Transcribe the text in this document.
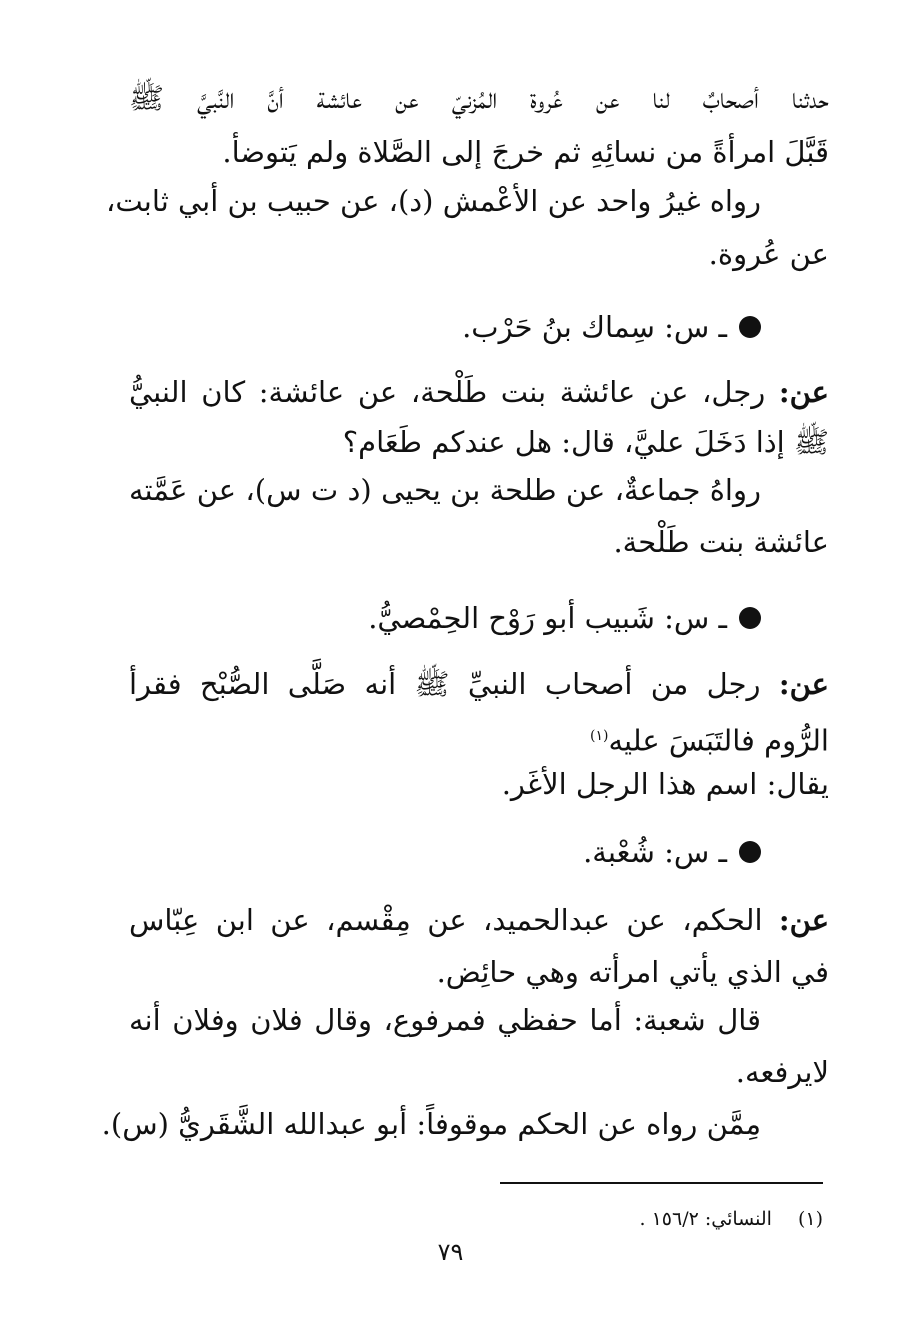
حدثنا أصحابٌ لنا عن عُروة المُزنيّ عن عائشة أنَّ النَّبيَّ ﷺ
قَبَّلَ امرأةً من نسائِهِ ثم خرجَ إلى الصَّلاة ولم يَتوضأ.
رواه غيرُ واحد عن الأعْمش (د)، عن حبيب بن أبي ثابت،
عن عُروة.
ـ س: سِماك بنُ حَرْب.
عن: رجل، عن عائشة بنت طَلْحة، عن عائشة: كان النبيُّ
ﷺ إذا دَخَلَ عليَّ، قال: هل عندكم طَعَام؟
رواهُ جماعةٌ، عن طلحة بن يحيى (د ت س)، عن عَمَّته
عائشة بنت طَلْحة.
ـ س: شَبيب أبو رَوْح الحِمْصيُّ.
عن: رجل من أصحاب النبيِّ ﷺ أنه صَلَّى الصُّبْح فقرأ
الرُّوم فالتَبَسَ عليه$^{(١)}$
يقال: اسم هذا الرجل الأغَر.
ـ س: شُعْبة.
عن: الحكم، عن عبدالحميد، عن مِقْسم، عن ابن عِبّاس
في الذي يأتي امرأته وهي حائِض.
قال شعبة: أما حفظي فمرفوع، وقال فلان وفلان أنه
لايرفعه.
مِمَّن رواه عن الحكم موقوفاً: أبو عبدالله الشَّقَريُّ (س).
(١)النسائي: ١٥٦/٢ .
٧٩
